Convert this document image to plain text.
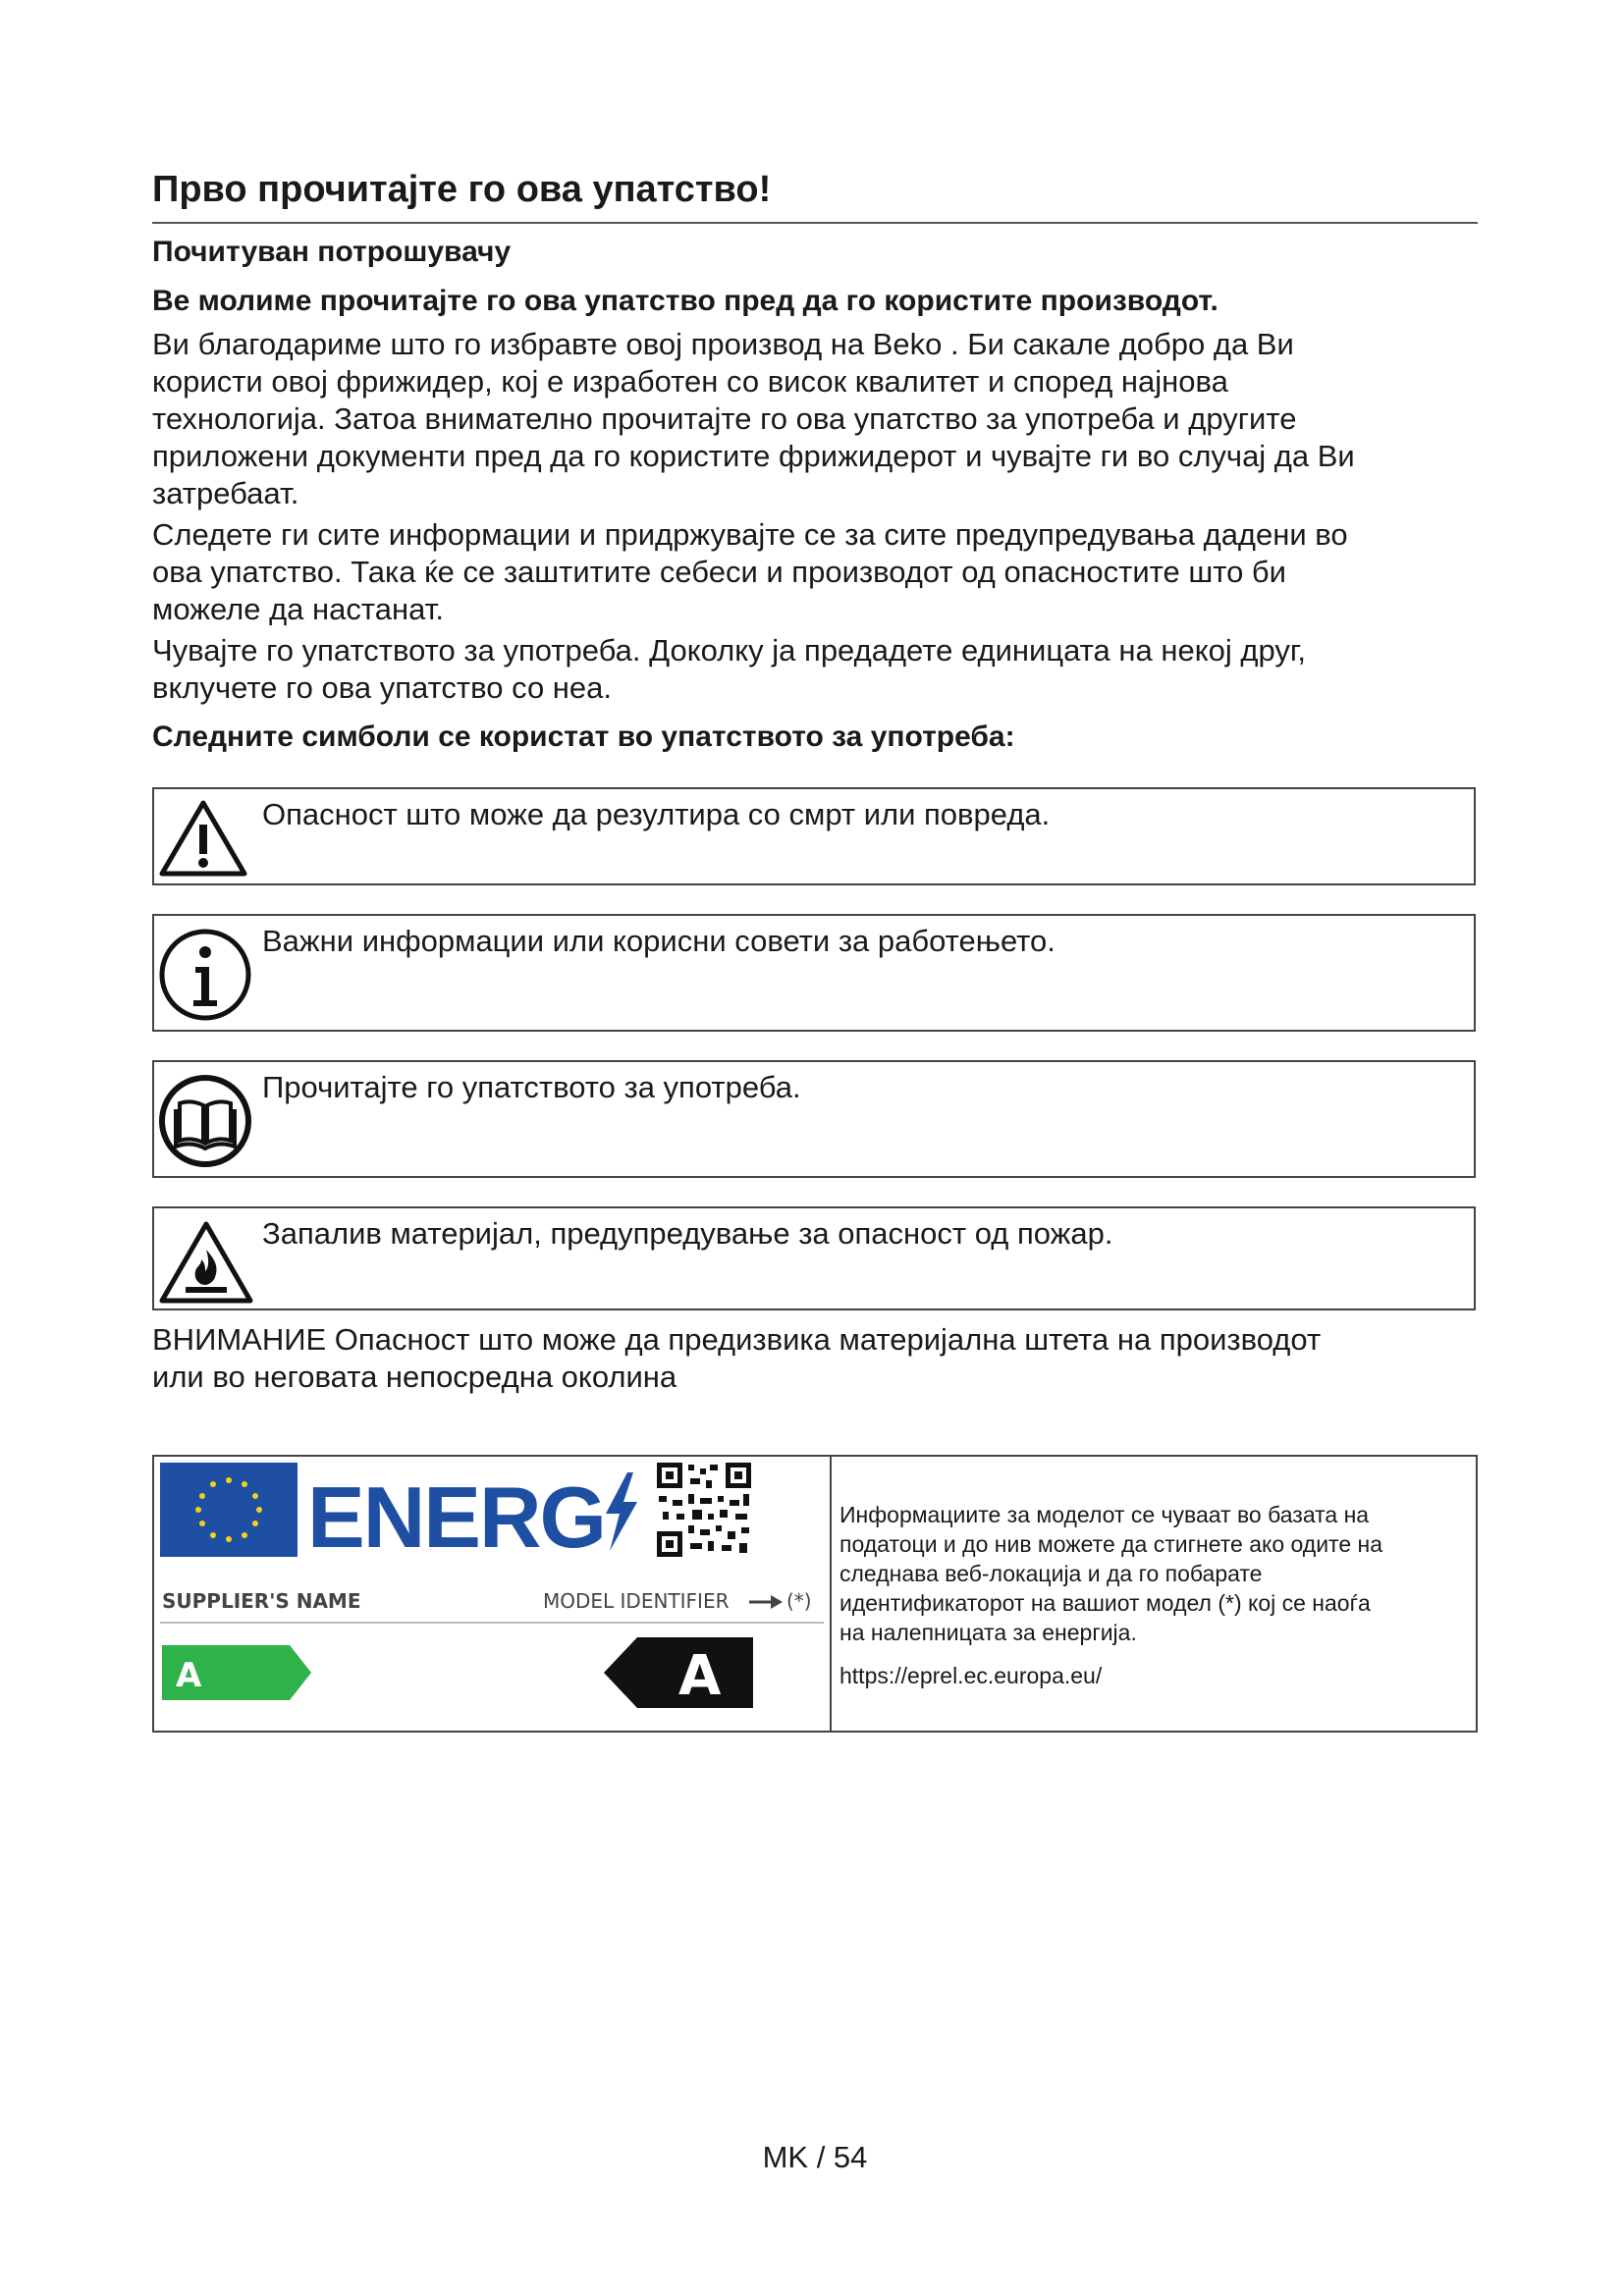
Прво прочитајте го ова упатство!

Почитуван потрошувачу

Ве молиме прочитајте го ова упатство пред да го користите производот.

Ви благодариме што го избравте овој производ на Beko . Би сакале добро да Ви
користи овој фрижидер, кој е изработен со висок квалитет и според најнова
технологија. Затоа внимателно прочитајте го ова упатство за употреба и другите
приложени документи пред да го користите фрижидерот и чувајте ги во случај да Ви
затребаат.
Следете ги сите информации и придржувајте се за сите предупредувања дадени во
ова упатство. Така ќе се заштитите себеси и производот од опасностите што би
можеле да настанат.
Чувајте го упатството за употреба. Доколку ја предадете единицата на некој друг,
вклучете го ова упатство со неа.

Следните симболи се користат во упатството за употреба:

Опасност што може да резултира со смрт или повреда.
Важни информации или корисни совети за работењето.
Прочитајте го упатството за употреба.
Запалив материјал, предупредување за опасност од пожар.
ВНИМАНИЕ Опасност што може да предизвика материјална штета на производот
или во неговата непосредна околина
ENERG
SUPPLIER'S NAME	MODEL IDENTIFIER	(*)
A	A
Информациите за моделот се чуваат во базата на
податоци и до нив можете да стигнете ако одите на
следнава веб-локација и да го побарате
идентификаторот на вашиот модел (*) кој се наоѓа
на налепницата за енергија.
https://eprel.ec.europa.eu/
MK / 54
